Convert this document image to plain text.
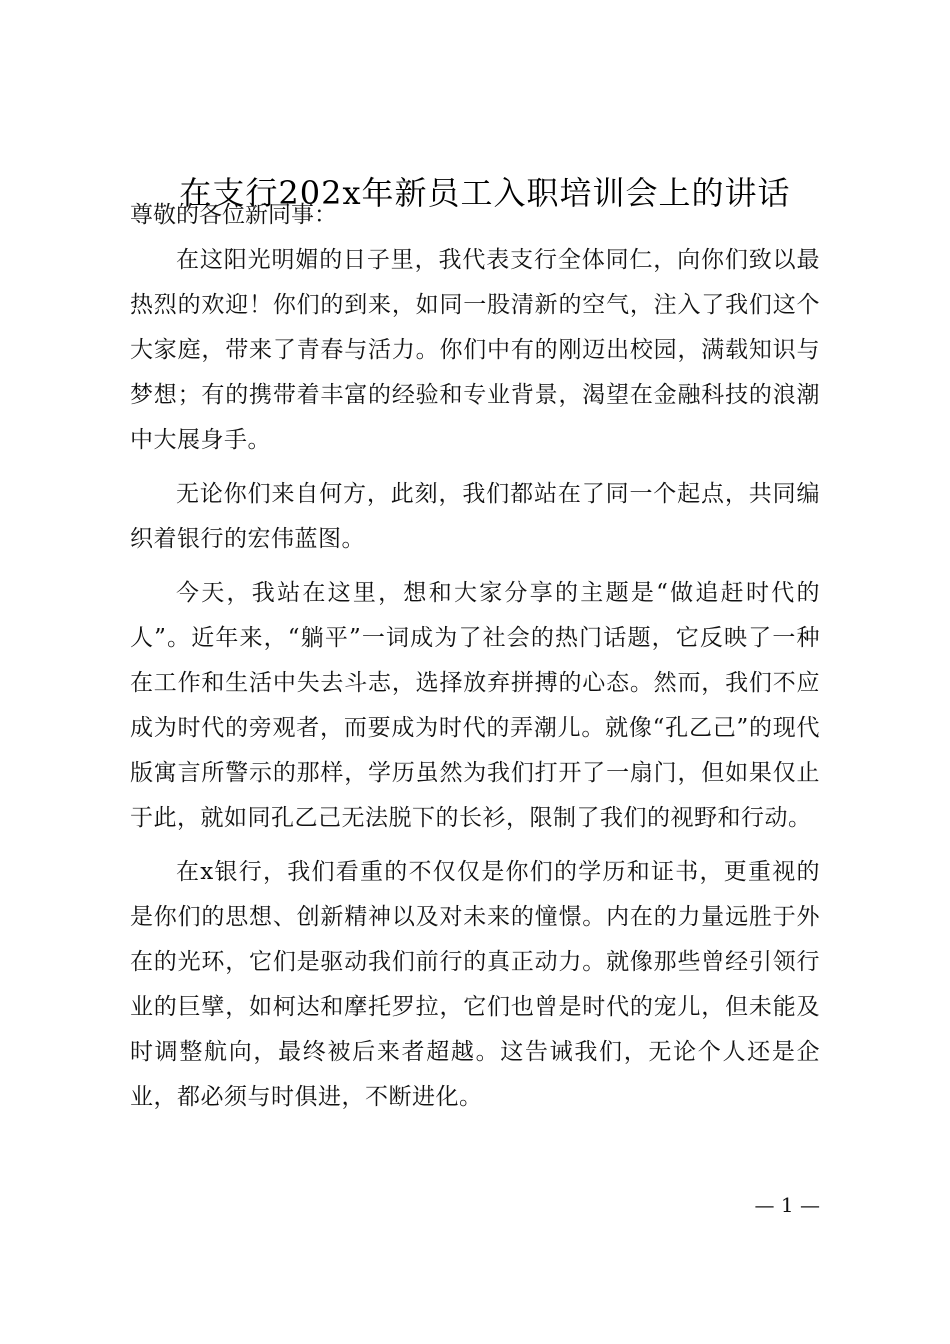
在支行202x年新员工入职培训会上的讲话

尊敬的各位新同事：

在这阳光明媚的日子里，我代表支行全体同仁，向你们致以最热烈的欢迎！你们的到来，如同一股清新的空气，注入了我们这个大家庭，带来了青春与活力。你们中有的刚迈出校园，满载知识与梦想；有的携带着丰富的经验和专业背景，渴望在金融科技的浪潮中大展身手。

无论你们来自何方，此刻，我们都站在了同一个起点，共同编织着银行的宏伟蓝图。

今天，我站在这里，想和大家分享的主题是“做追赶时代的人”。近年来，“躺平”一词成为了社会的热门话题，它反映了一种在工作和生活中失去斗志，选择放弃拼搏的心态。然而，我们不应成为时代的旁观者，而要成为时代的弄潮儿。就像“孔乙己”的现代版寓言所警示的那样，学历虽然为我们打开了一扇门，但如果仅止于此，就如同孔乙己无法脱下的长衫，限制了我们的视野和行动。

在x银行，我们看重的不仅仅是你们的学历和证书，更重视的是你们的思想、创新精神以及对未来的憧憬。内在的力量远胜于外在的光环，它们是驱动我们前行的真正动力。就像那些曾经引领行业的巨擘，如柯达和摩托罗拉，它们也曾是时代的宠儿，但未能及时调整航向，最终被后来者超越。这告诫我们，无论个人还是企业，都必须与时俱进，不断进化。

— 1 —
